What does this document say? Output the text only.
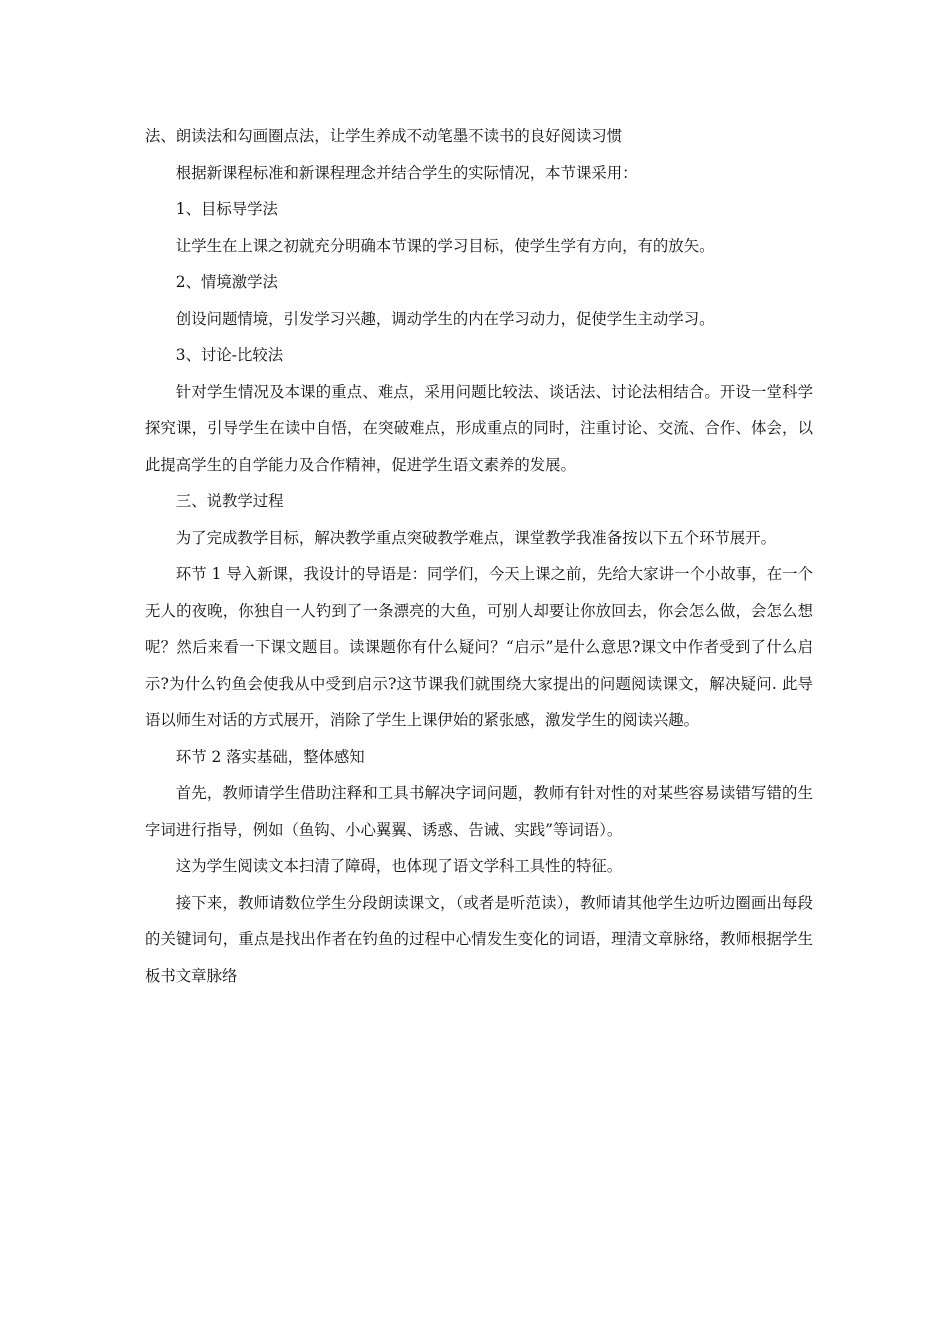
法、朗读法和勾画圈点法，让学生养成不动笔墨不读书的良好阅读习惯

根据新课程标准和新课程理念并结合学生的实际情况，本节课采用：

1、目标导学法

让学生在上课之初就充分明确本节课的学习目标，使学生学有方向，有的放矢。

2、情境激学法

创设问题情境，引发学习兴趣，调动学生的内在学习动力，促使学生主动学习。

3、讨论-比较法

针对学生情况及本课的重点、难点，采用问题比较法、谈话法、讨论法相结合。开设一堂科学探究课，引导学生在读中自悟，在突破难点，形成重点的同时，注重讨论、交流、合作、体会，以此提高学生的自学能力及合作精神，促进学生语文素养的发展。

三、说教学过程

为了完成教学目标，解决教学重点突破教学难点，课堂教学我准备按以下五个环节展开。

环节 1 导入新课，我设计的导语是：同学们，今天上课之前，先给大家讲一个小故事，在一个无人的夜晚，你独自一人钓到了一条漂亮的大鱼，可别人却要让你放回去，你会怎么做，会怎么想呢？然后来看一下课文题目。读课题你有什么疑问？“启示”是什么意思?课文中作者受到了什么启示?为什么钓鱼会使我从中受到启示?这节课我们就围绕大家提出的问题阅读课文，解决疑问. 此导语以师生对话的方式展开，消除了学生上课伊始的紧张感，激发学生的阅读兴趣。

环节 2 落实基础，整体感知

首先，教师请学生借助注释和工具书解决字词问题，教师有针对性的对某些容易读错写错的生字词进行指导，例如（鱼钩、小心翼翼、诱惑、告诫、实践”等词语）。

这为学生阅读文本扫清了障碍，也体现了语文学科工具性的特征。

接下来，教师请数位学生分段朗读课文，（或者是听范读），教师请其他学生边听边圈画出每段的关键词句，重点是找出作者在钓鱼的过程中心情发生变化的词语，理清文章脉络，教师根据学生板书文章脉络
